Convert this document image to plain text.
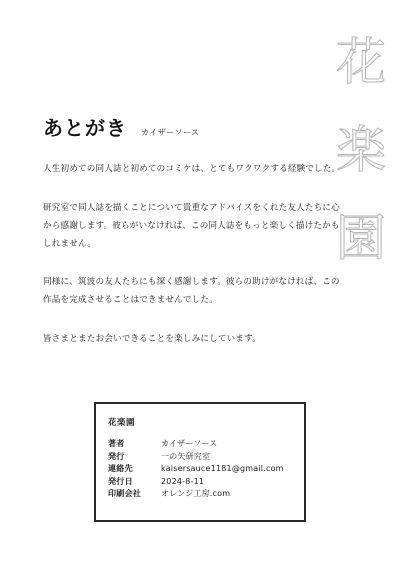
花
楽
園
あとがき カイザーソース

人生初めての同人誌と初めてのコミケは、とてもワクワクする経験でした。

研究室で同人誌を描くことについて貴重なアドバイスをくれた友人たちに心から感謝します。彼らがいなければ、この同人誌をもっと楽しく描けたかもしれません。

同様に、筑波の友人たちにも深く感謝します。彼らの助けがなければ、この作品を完成させることはできませんでした。

皆さまとまたお会いできることを楽しみにしています。

花楽園
著者	カイザーソース
発行	一の矢研究室
連絡先	kaisersauce1181@gmail.com
発行日	2024-8-11
印刷会社	オレンジ工房.com
